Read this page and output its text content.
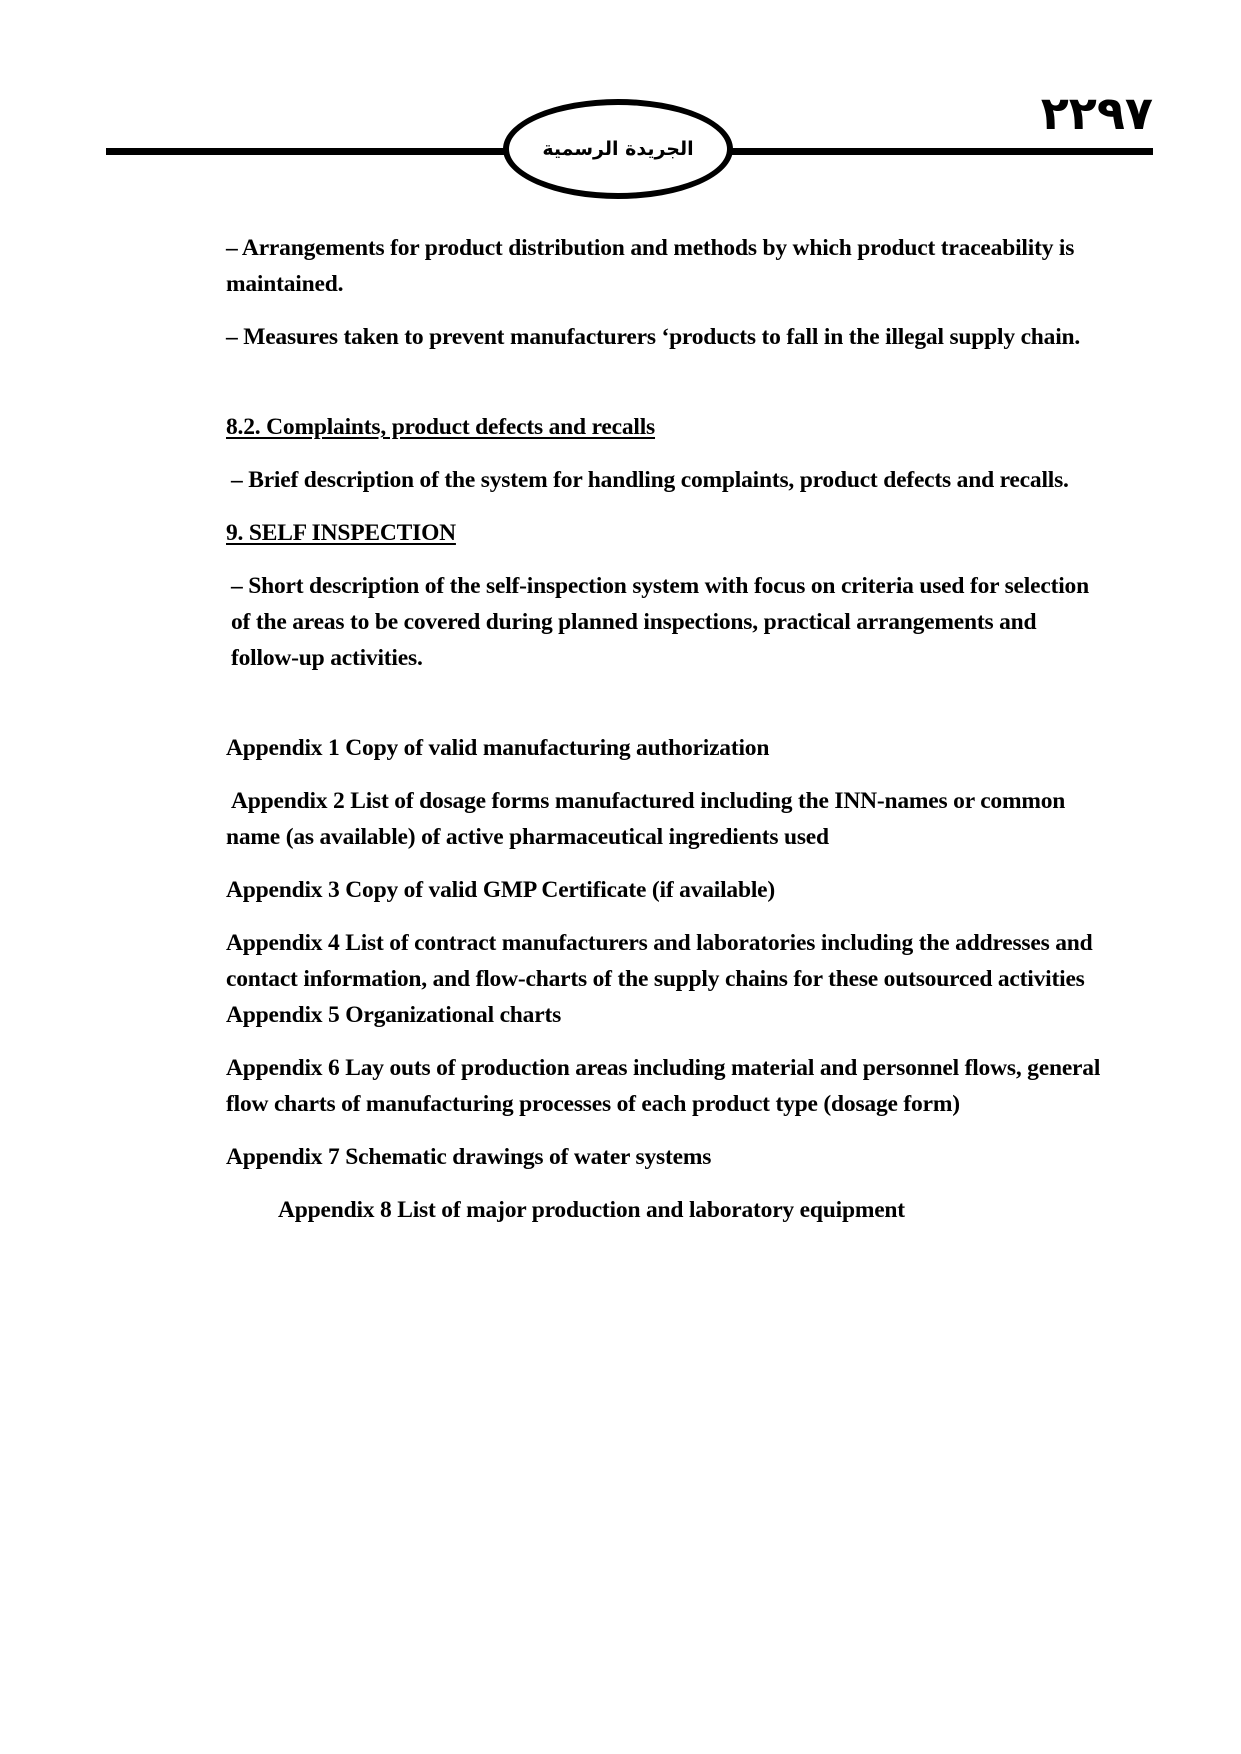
الجريدة الرسمية
٢٢٩٧

– Arrangements for product distribution and methods by which product traceability is maintained.

– Measures taken to prevent manufacturers ‘products to fall in the illegal supply chain.

8.2. Complaints, product defects and recalls

– Brief description of the system for handling complaints, product defects and recalls.

9. SELF INSPECTION

– Short description of the self-inspection system with focus on criteria used for selection of the areas to be covered during planned inspections, practical arrangements and follow-up activities.

Appendix 1 Copy of valid manufacturing authorization

Appendix 2 List of dosage forms manufactured including the INN-names or common name (as available) of active pharmaceutical ingredients used

Appendix 3 Copy of valid GMP Certificate (if available)

Appendix 4 List of contract manufacturers and laboratories including the addresses and contact information, and flow-charts of the supply chains for these outsourced activities Appendix 5 Organizational charts

Appendix 6 Lay outs of production areas including material and personnel flows, general flow charts of manufacturing processes of each product type (dosage form)

Appendix 7 Schematic drawings of water systems

Appendix 8 List of major production and laboratory equipment
